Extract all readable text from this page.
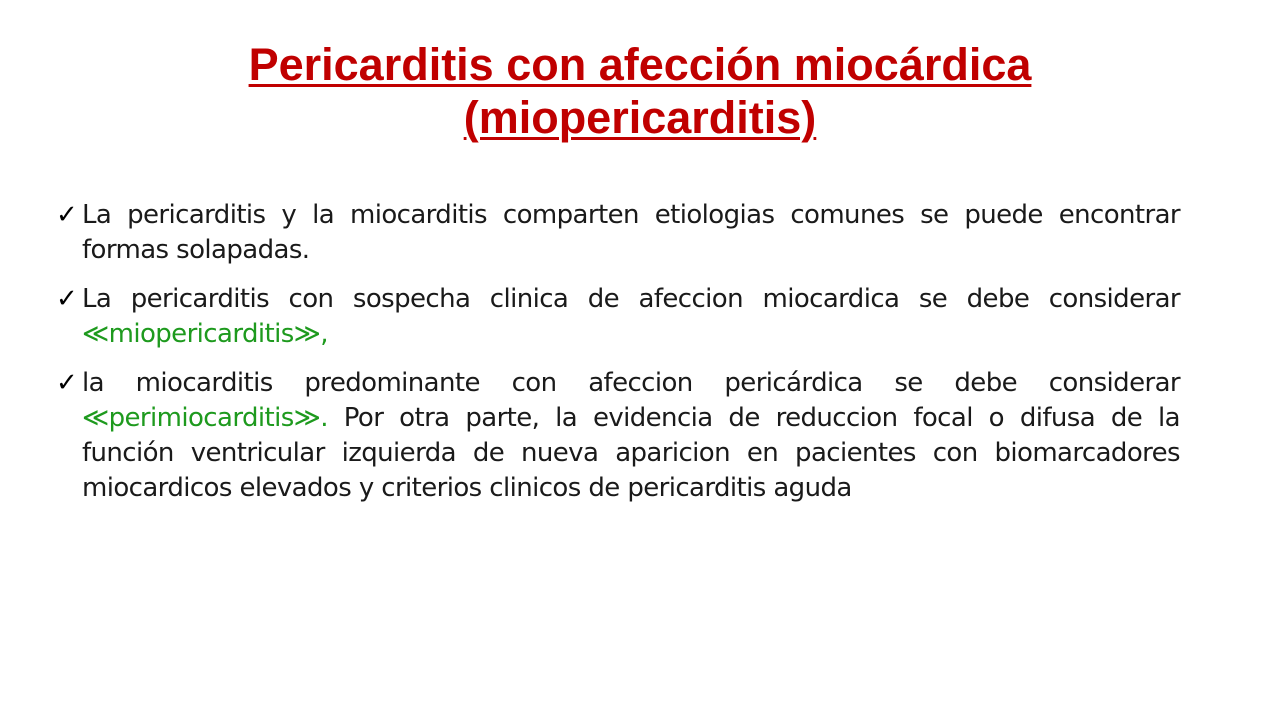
Pericarditis con afección miocárdica
(miopericarditis)
✓ La pericarditis y la miocarditis comparten etiologias comunes se puede encontrar formas solapadas.
✓ La pericarditis con sospecha clinica de afeccion miocardica se debe considerar ≪miopericarditis≫,
✓ la miocarditis predominante con afeccion pericárdica se debe considerar ≪perimiocarditis≫. Por otra parte, la evidencia de reduccion focal o difusa de la función ventricular izquierda de nueva aparicion en pacientes con biomarcadores miocardicos elevados y criterios clinicos de pericarditis aguda
